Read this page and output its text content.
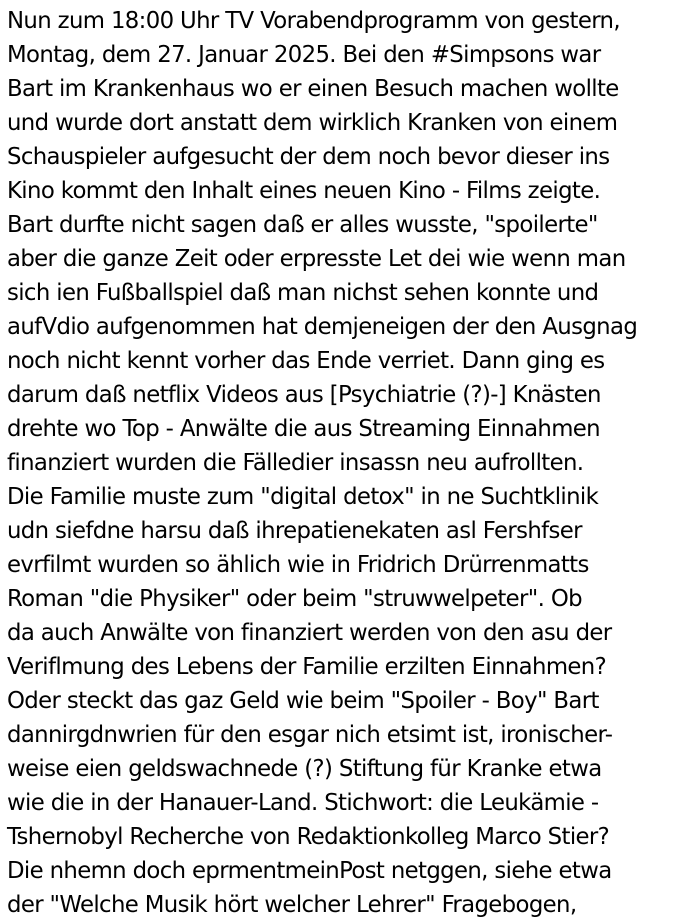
Nun zum 18:00 Uhr TV Vorabendprogramm von gestern,
Montag, dem 27. Januar 2025. Bei den #Simpsons war
Bart im Krankenhaus wo er einen Besuch machen wollte
und wurde dort anstatt dem wirklich Kranken von einem
Schauspieler aufgesucht der dem noch bevor dieser ins
Kino kommt den Inhalt eines neuen Kino - Films zeigte.
Bart durfte nicht sagen daß er alles wusste, "spoilerte"
aber die ganze Zeit oder erpresste Let dei wie wenn man
sich ien Fußballspiel daß man nichst sehen konnte und
aufVdio aufgenommen hat demjeneigen der den Ausgnag
noch nicht kennt vorher das Ende verriet. Dann ging es
darum daß netflix Videos aus [Psychiatrie (?)-] Knästen
drehte wo Top - Anwälte die aus Streaming Einnahmen
finanziert wurden die Fälledier insassn neu aufrollten.
Die Familie muste zum "digital detox" in ne Suchtklinik
udn siefdne harsu daß ihrepatienekaten asl Fershfser
evrfilmt wurden so ählich wie in Fridrich Drürrenmatts
Roman "die Physiker" oder beim "struwwelpeter". Ob
da auch Anwälte von finanziert werden von den asu der
Veriflmung des Lebens der Familie erzilten Einnahmen?
Oder steckt das gaz Geld wie beim "Spoiler - Boy" Bart
dannirgdnwrien für den esgar nich etsimt ist, ironischer-
weise eien geldswachnede (?) Stiftung für Kranke etwa
wie die in der Hanauer-Land. Stichwort: die Leukämie -
Tshernobyl Recherche von Redaktionkolleg Marco Stier?
Die nhemn doch eprmentmeinPost netggen, siehe etwa
der "Welche Musik hört welcher Lehrer" Fragebogen,
